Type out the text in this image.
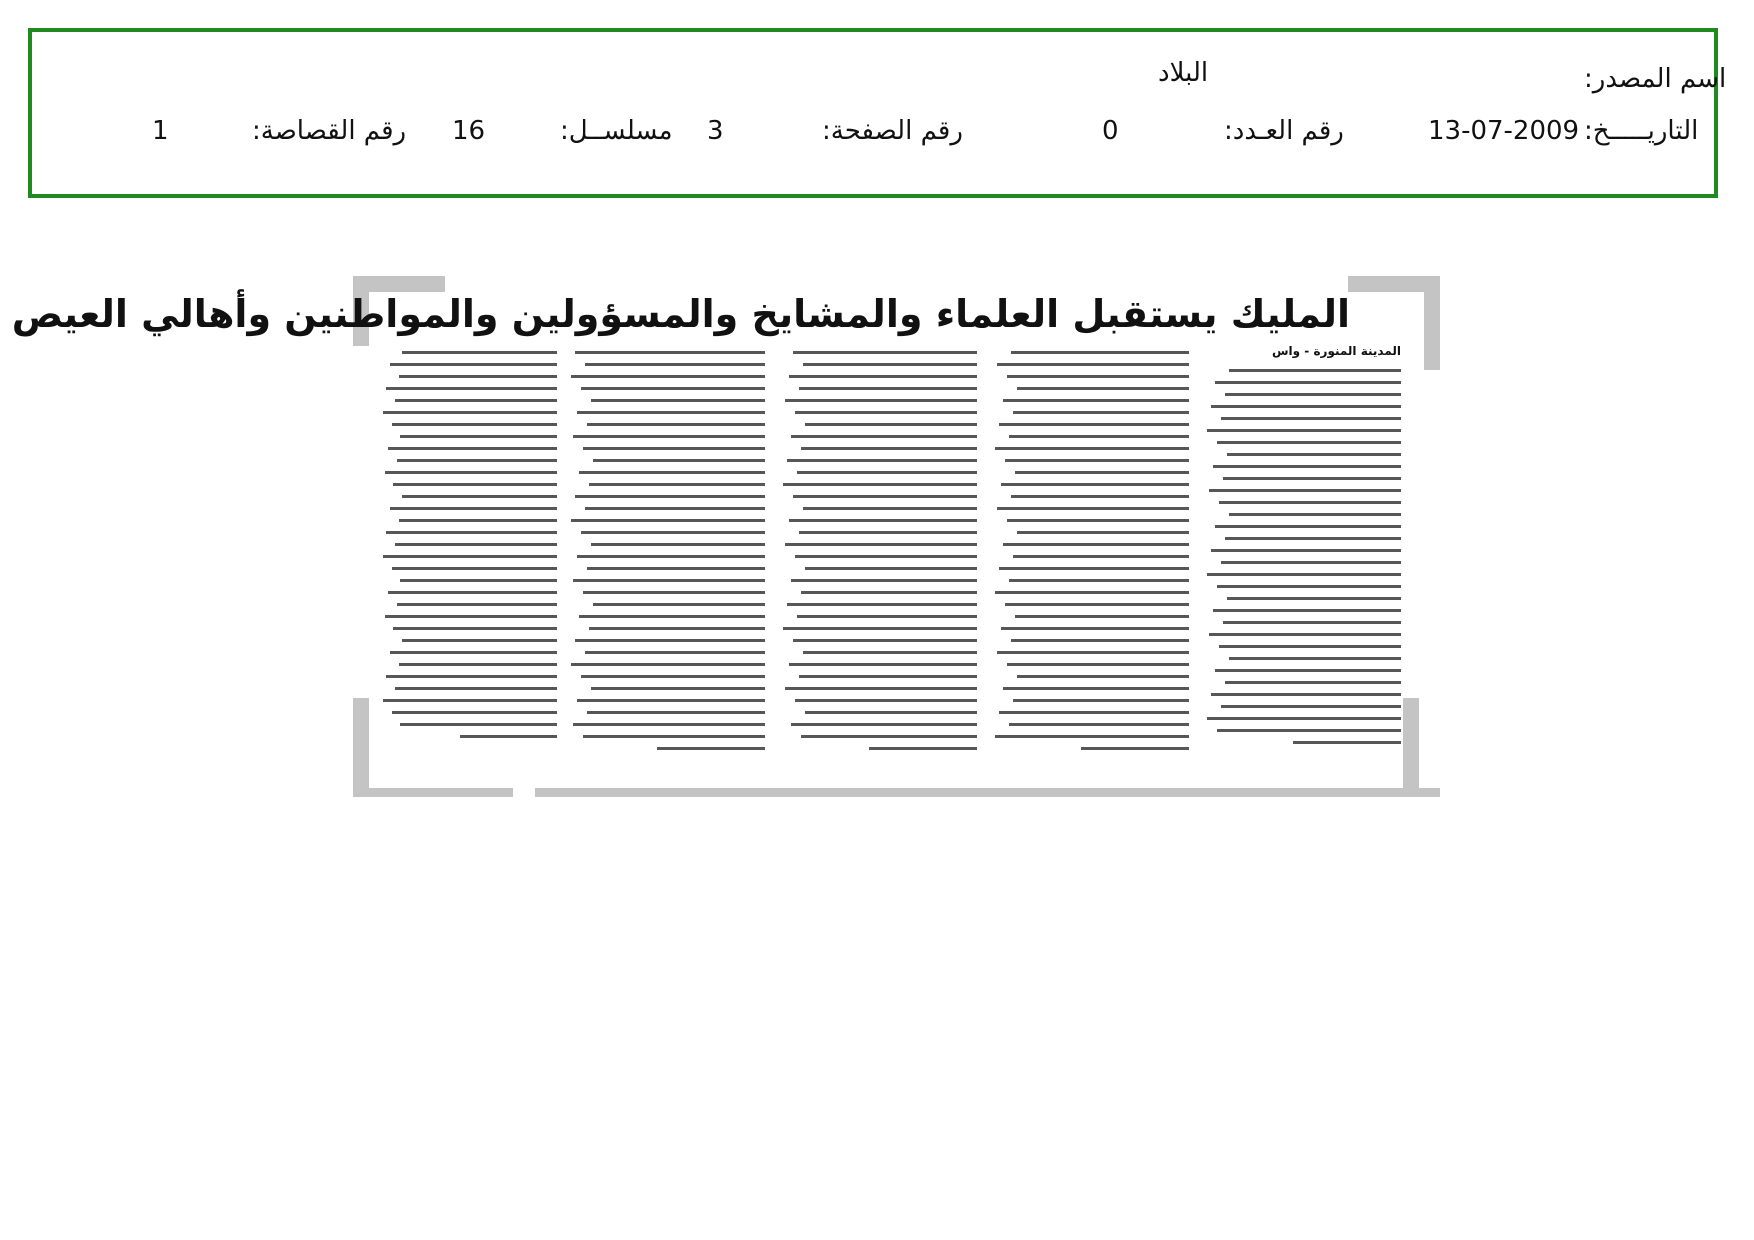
اسم المصدر:
البلاد
التاريـــــخ:
13-07-2009
رقم العـدد:
0
رقم الصفحة:
3
مسلســل:
16
رقم القصاصة:
1
المليك يستقبل العلماء والمشايخ والمسؤولين والمواطنين وأهالي العيص
المدينة المنورة - واس
